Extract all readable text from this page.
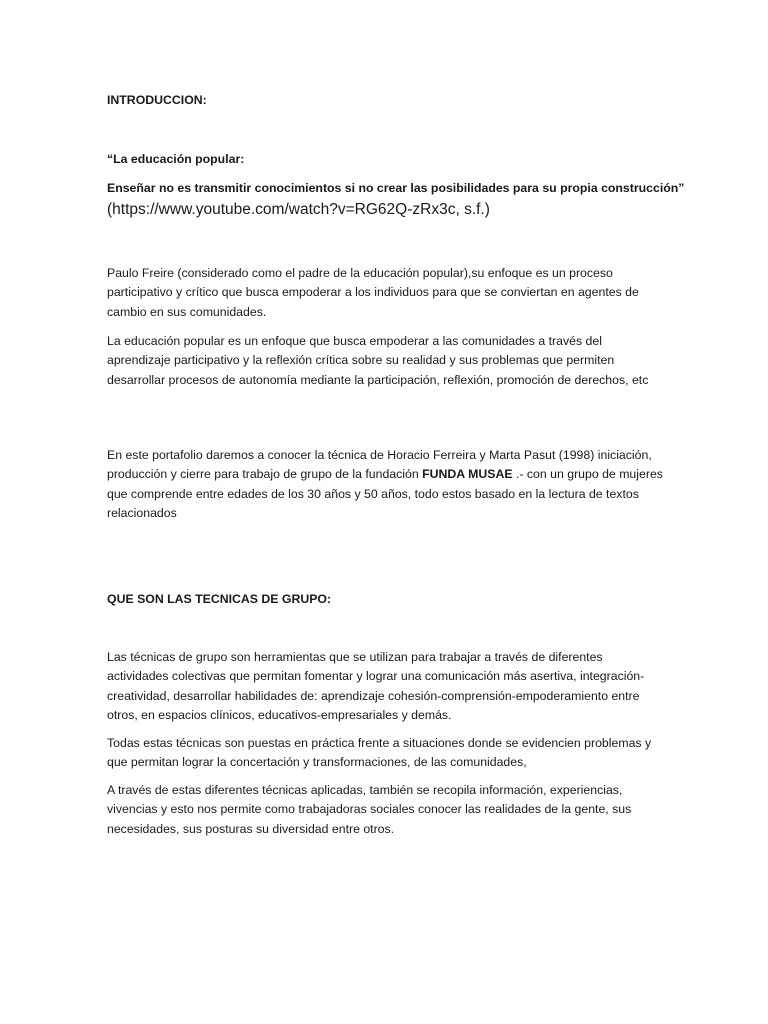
INTRODUCCION:

“La educación popular:

Enseñar no es transmitir conocimientos si no crear las posibilidades para su propia construcción”

(https://www.youtube.com/watch?v=RG62Q-zRx3c, s.f.)

Paulo Freire (considerado como el padre de la educación popular),su enfoque es un proceso participativo y crítico que busca empoderar a los individuos para que se conviertan en agentes de cambio en sus comunidades.

La educación popular es un enfoque que busca empoderar a las comunidades a través del aprendizaje participativo y la reflexión crítica sobre su realidad y sus problemas que permiten desarrollar procesos de autonomía mediante la participación, reflexión, promoción de derechos, etc

En este portafolio daremos a conocer la técnica de Horacio Ferreira y Marta Pasut (1998) iniciación, producción y cierre para trabajo de grupo de la fundación FUNDA MUSAE .- con un grupo de mujeres que comprende entre edades de los 30 años y 50 años, todo estos basado en la lectura de textos relacionados

QUE SON LAS TECNICAS DE GRUPO:

Las técnicas de grupo son herramientas que se utilizan para trabajar a través de diferentes actividades colectivas que permitan fomentar y lograr una comunicación más asertiva, integración-creatividad, desarrollar habilidades de: aprendizaje cohesión-comprensión-empoderamiento entre otros, en espacios clínicos, educativos-empresariales y demás.

Todas estas técnicas son puestas en práctica frente a situaciones donde se evidencien problemas y que permitan lograr la concertación y transformaciones, de las comunidades,

A través de estas diferentes técnicas aplicadas, también se recopila información, experiencias, vivencias y esto nos permite como trabajadoras sociales conocer las realidades de la gente, sus necesidades, sus posturas su diversidad entre otros.
